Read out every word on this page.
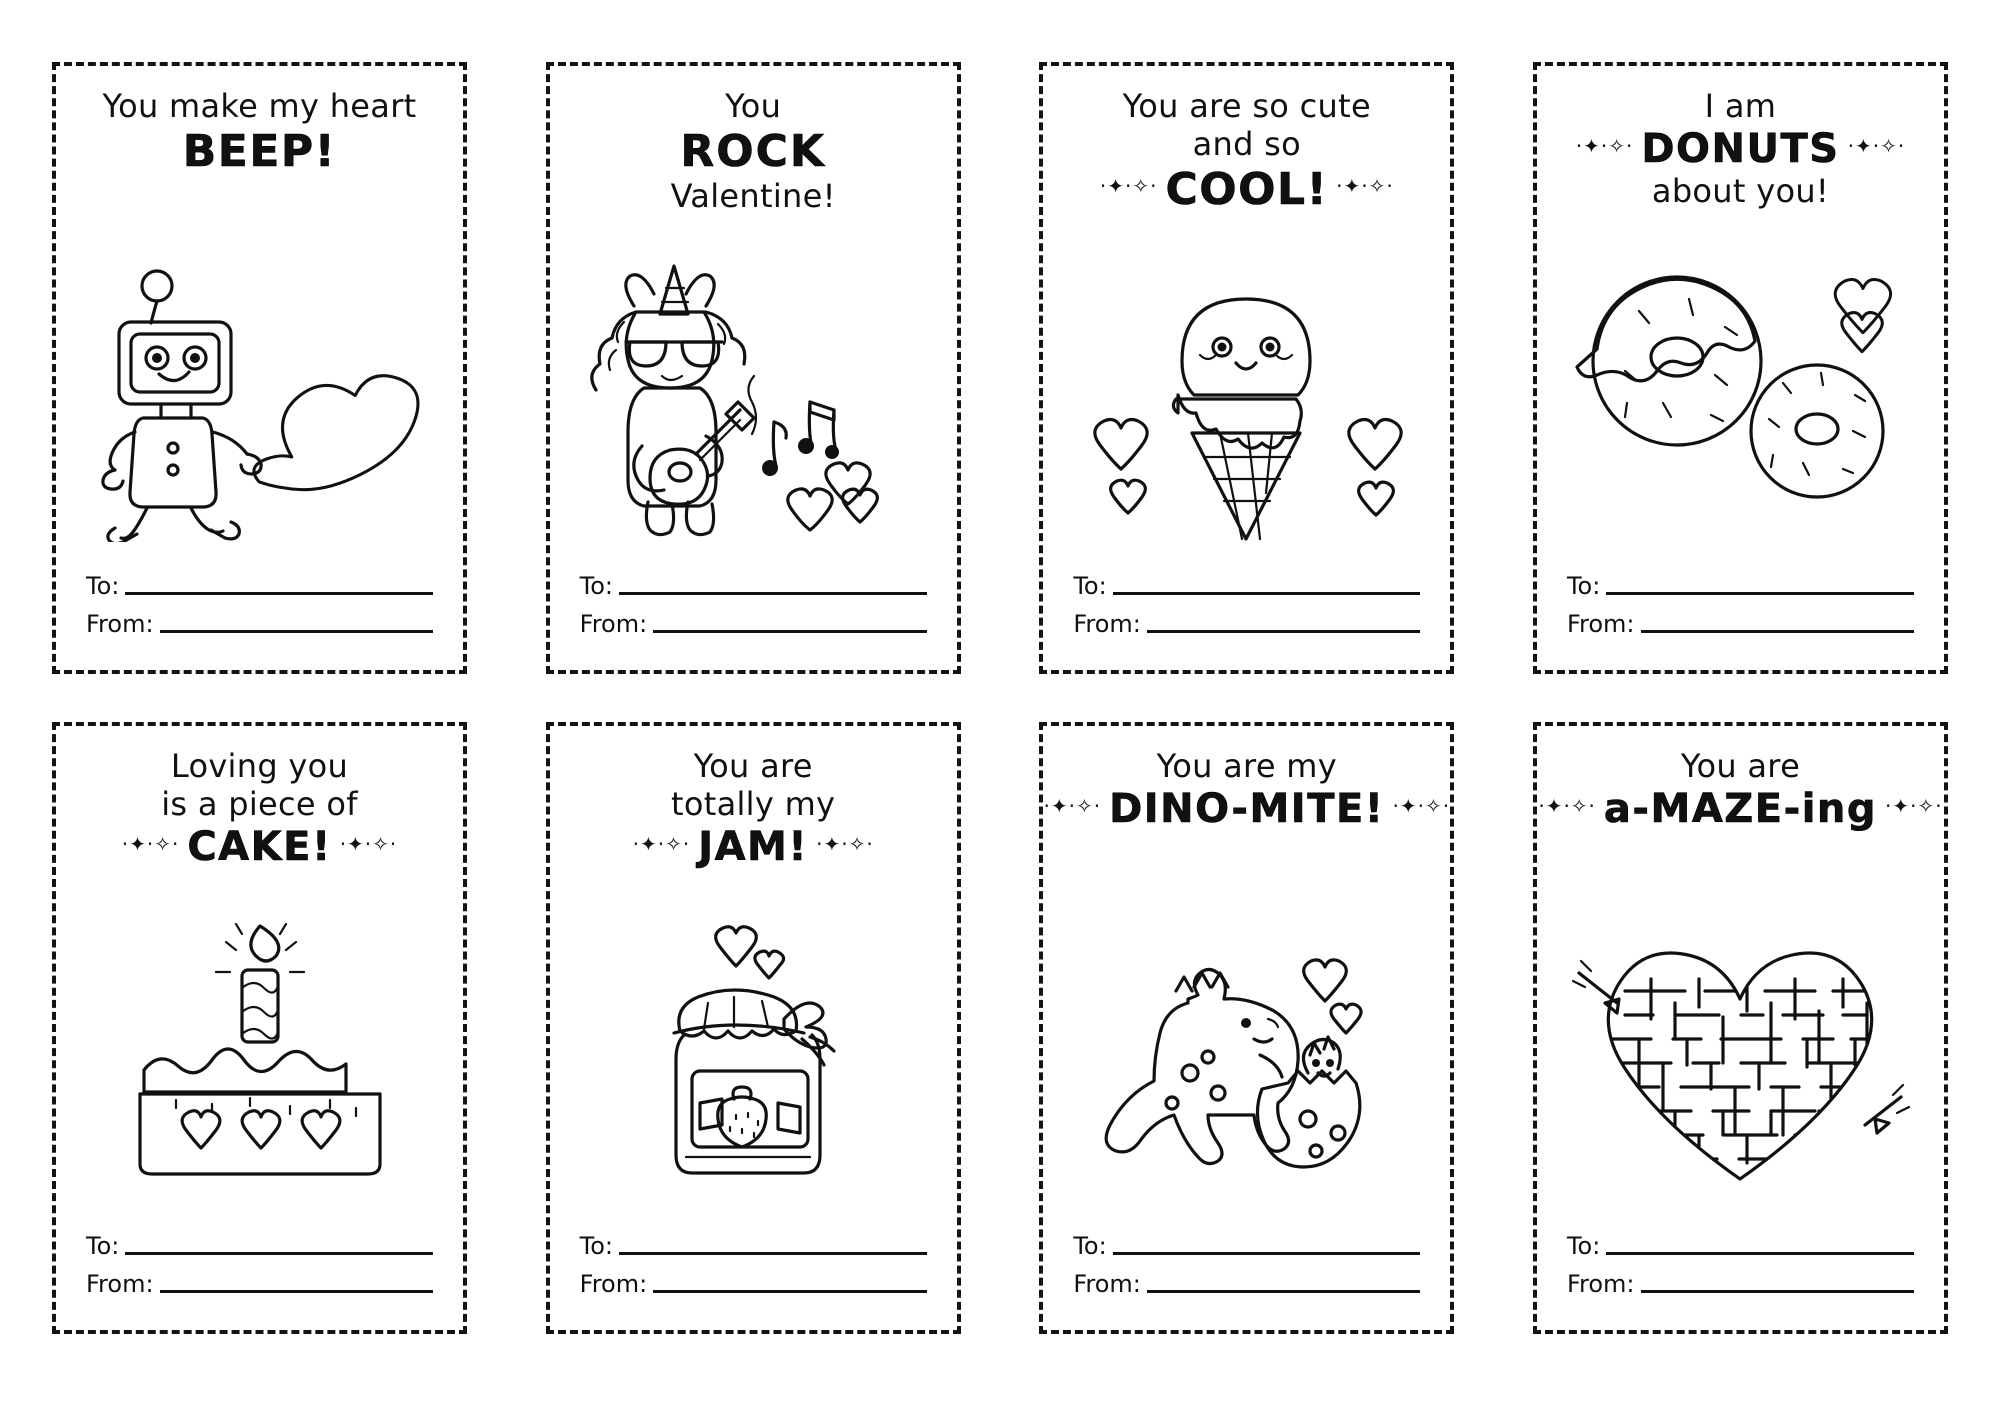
You make my heart
BEEP!
To:
From:
You
ROCK
Valentine!
To:
From:
You are so cute
and so
·✦·✧· COOL! ·✦·✧·
To:
From:
I am
·✦·✧· DONUTS ·✦·✧·
about you!
To:
From:
Loving you
is a piece of
·✦·✧· CAKE! ·✦·✧·
To:
From:
You are
totally my
·✦·✧· JAM! ·✦·✧·
To:
From:
You are my
·✦·✧· DINO-MITE! ·✦·✧·
To:
From:
You are
·✦·✧· a-MAZE-ing ·✦·✧·
To:
From:
